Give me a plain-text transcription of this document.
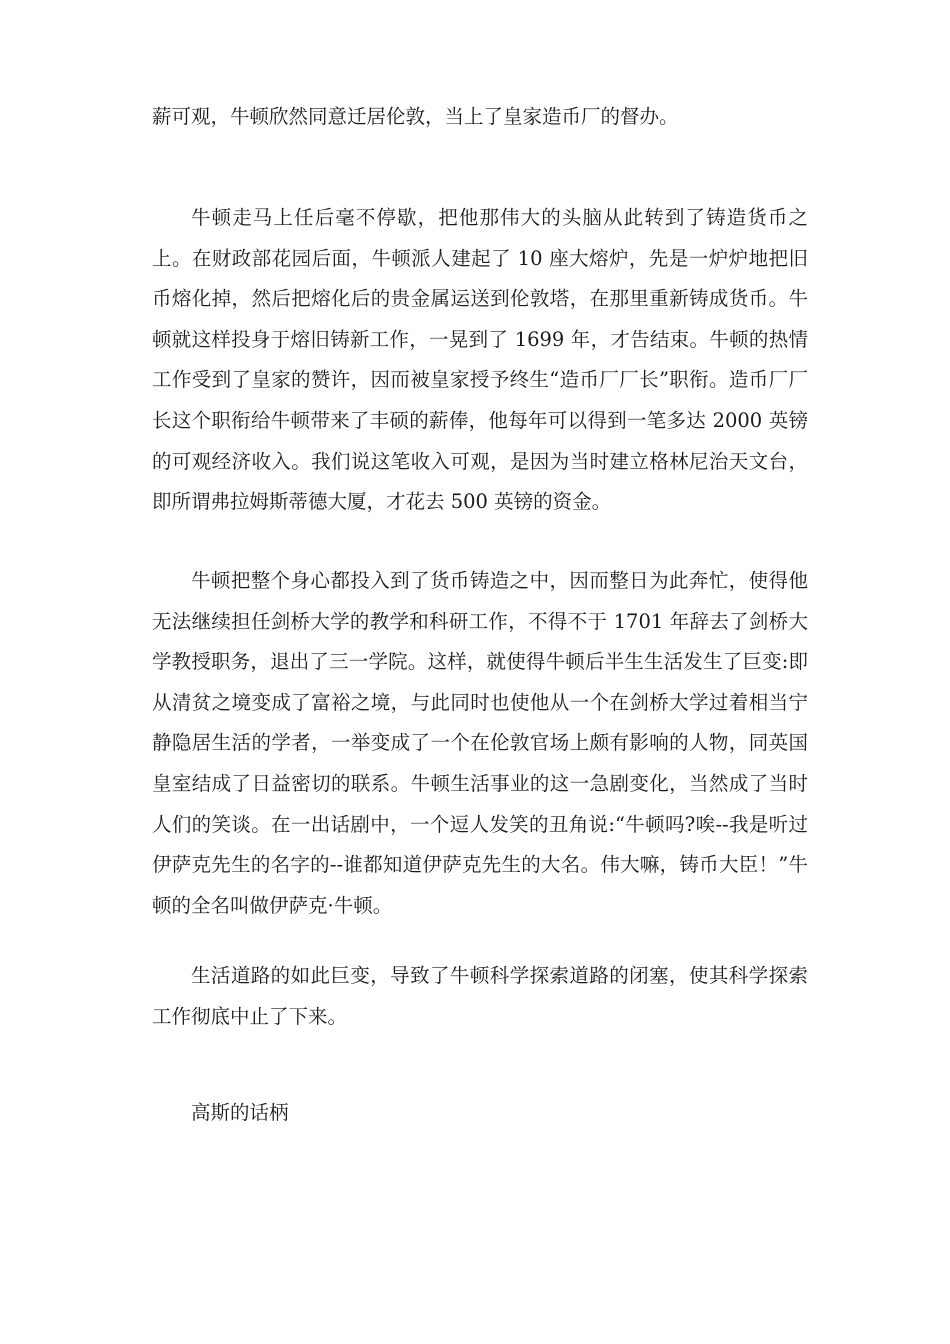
薪可观，牛顿欣然同意迁居伦敦，当上了皇家造币厂的督办。

牛顿走马上任后毫不停歇，把他那伟大的头脑从此转到了铸造货币之上。在财政部花园后面，牛顿派人建起了 10 座大熔炉，先是一炉炉地把旧币熔化掉，然后把熔化后的贵金属运送到伦敦塔，在那里重新铸成货币。牛顿就这样投身于熔旧铸新工作，一晃到了 1699 年，才告结束。牛顿的热情工作受到了皇家的赞许，因而被皇家授予终生“造币厂厂长”职衔。造币厂厂长这个职衔给牛顿带来了丰硕的薪俸，他每年可以得到一笔多达 2000 英镑的可观经济收入。我们说这笔收入可观，是因为当时建立格林尼治天文台，即所谓弗拉姆斯蒂德大厦，才花去 500 英镑的资金。

牛顿把整个身心都投入到了货币铸造之中，因而整日为此奔忙，使得他无法继续担任剑桥大学的教学和科研工作，不得不于 1701 年辞去了剑桥大学教授职务，退出了三一学院。这样，就使得牛顿后半生生活发生了巨变:即从清贫之境变成了富裕之境，与此同时也使他从一个在剑桥大学过着相当宁静隐居生活的学者，一举变成了一个在伦敦官场上颇有影响的人物，同英国皇室结成了日益密切的联系。牛顿生活事业的这一急剧变化，当然成了当时人们的笑谈。在一出话剧中，一个逗人发笑的丑角说:“牛顿吗?唉--我是听过伊萨克先生的名字的--谁都知道伊萨克先生的大名。伟大嘛，铸币大臣！”牛顿的全名叫做伊萨克·牛顿。

生活道路的如此巨变，导致了牛顿科学探索道路的闭塞，使其科学探索工作彻底中止了下来。

高斯的话柄
